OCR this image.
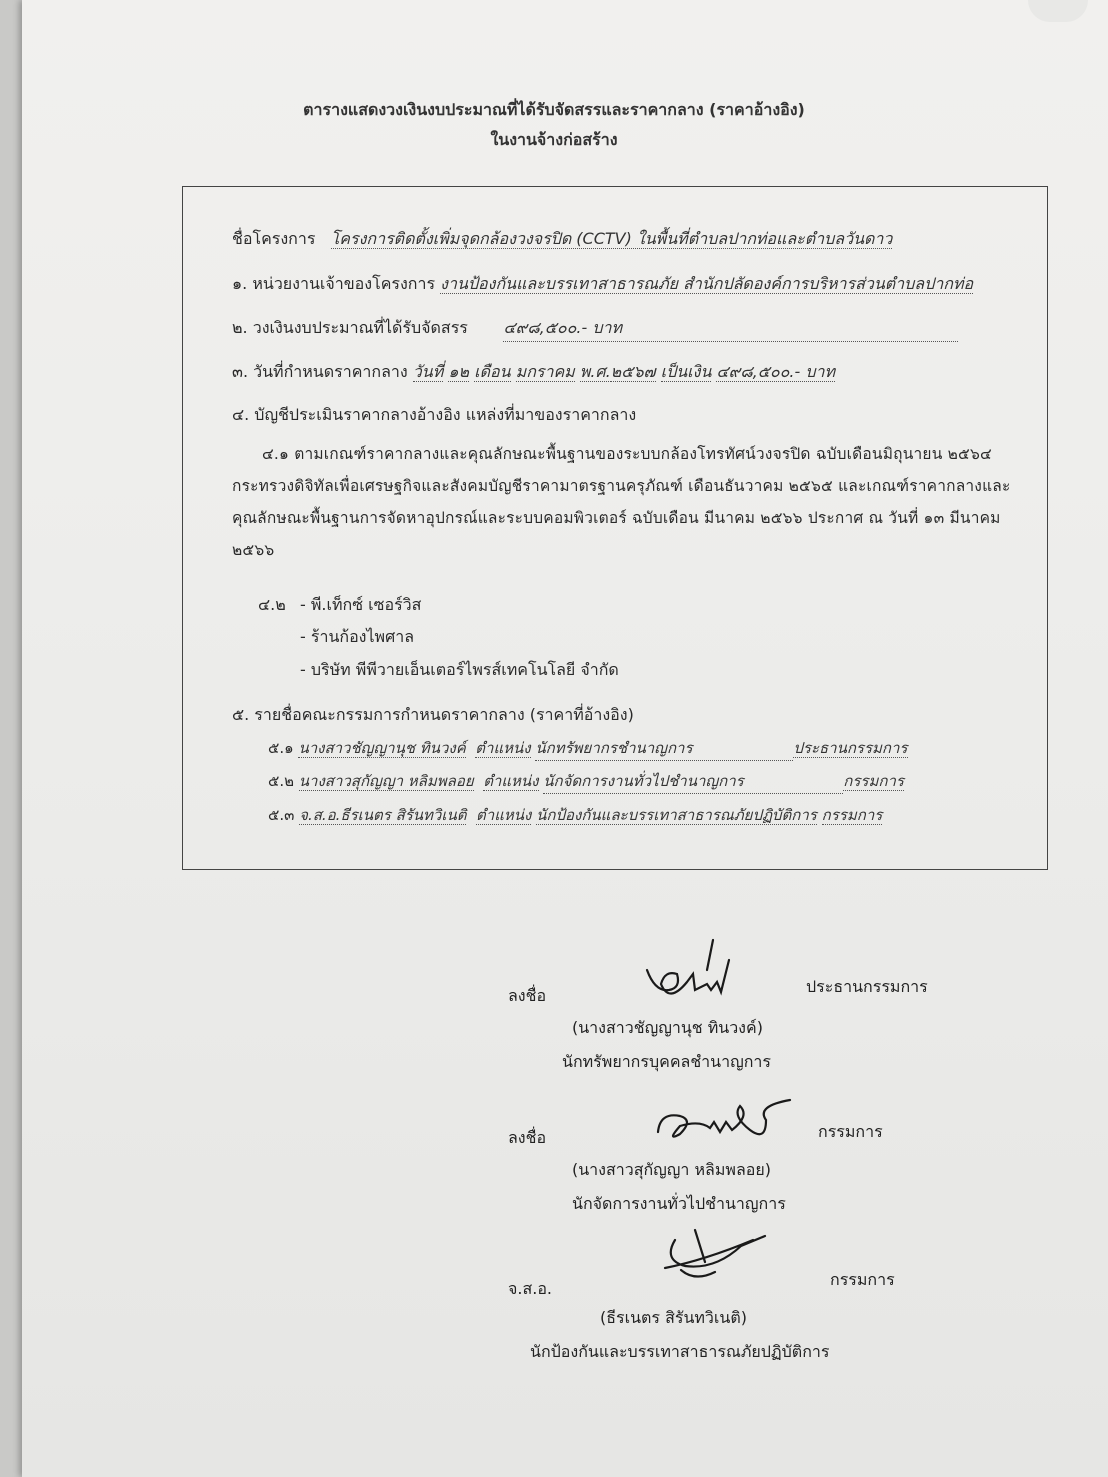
ตารางแสดงวงเงินงบประมาณที่ได้รับจัดสรรและราคากลาง (ราคาอ้างอิง)
ในงานจ้างก่อสร้าง
ชื่อโครงการ โครงการติดตั้งเพิ่มจุดกล้องวงจรปิด (CCTV) ในพื้นที่ตำบลปากท่อและตำบลวันดาว
๑. หน่วยงานเจ้าของโครงการ งานป้องกันและบรรเทาสาธารณภัย สำนักปลัดองค์การบริหารส่วนตำบลปากท่อ
๒. วงเงินงบประมาณที่ได้รับจัดสรร ๔๙๘,๕๐๐.- บาท
๓. วันที่กำหนดราคากลาง วันที่ ๑๒ เดือน มกราคม พ.ศ.๒๕๖๗ เป็นเงิน ๔๙๘,๕๐๐.- บาท
๔. บัญชีประเมินราคากลางอ้างอิง แหล่งที่มาของราคากลาง
๔.๑ ตามเกณฑ์ราคากลางและคุณลักษณะพื้นฐานของระบบกล้องโทรทัศน์วงจรปิด ฉบับเดือนมิถุนายน ๒๕๖๔ กระทรวงดิจิทัลเพื่อเศรษฐกิจและสังคมบัญชีราคามาตรฐานครุภัณฑ์ เดือนธันวาคม ๒๕๖๕ และเกณฑ์ราคากลางและคุณลักษณะพื้นฐานการจัดหาอุปกรณ์และระบบคอมพิวเตอร์ ฉบับเดือน มีนาคม ๒๕๖๖ ประกาศ ณ วันที่ ๑๓ มีนาคม ๒๕๖๖
๔.๒ - พี.เท็กซ์ เซอร์วิส
- ร้านก้องไพศาล
- บริษัท พีพีวายเอ็นเตอร์ไพรส์เทคโนโลยี จำกัด
๕. รายชื่อคณะกรรมการกำหนดราคากลาง (ราคาที่อ้างอิง)
๕.๑ นางสาวชัญญานุช ทินวงค์ ตำแหน่ง นักทรัพยากรชำนาญการ	ประธานกรรมการ
๕.๒ นางสาวสุกัญญา หลิมพลอย ตำแหน่ง นักจัดการงานทั่วไปชำนาญการ	กรรมการ
๕.๓ จ.ส.อ.ธีรเนตร สิรันทวิเนติ ตำแหน่ง นักป้องกันและบรรเทาสาธารณภัยปฏิบัติการ กรรมการ
ลงชื่อ	ประธานกรรมการ
(นางสาวชัญญานุช ทินวงค์)
นักทรัพยากรบุคคลชำนาญการ
ลงชื่อ	กรรมการ
(นางสาวสุกัญญา หลิมพลอย)
นักจัดการงานทั่วไปชำนาญการ
จ.ส.อ.	กรรมการ
(ธีรเนตร สิรันทวิเนติ)
นักป้องกันและบรรเทาสาธารณภัยปฏิบัติการ
